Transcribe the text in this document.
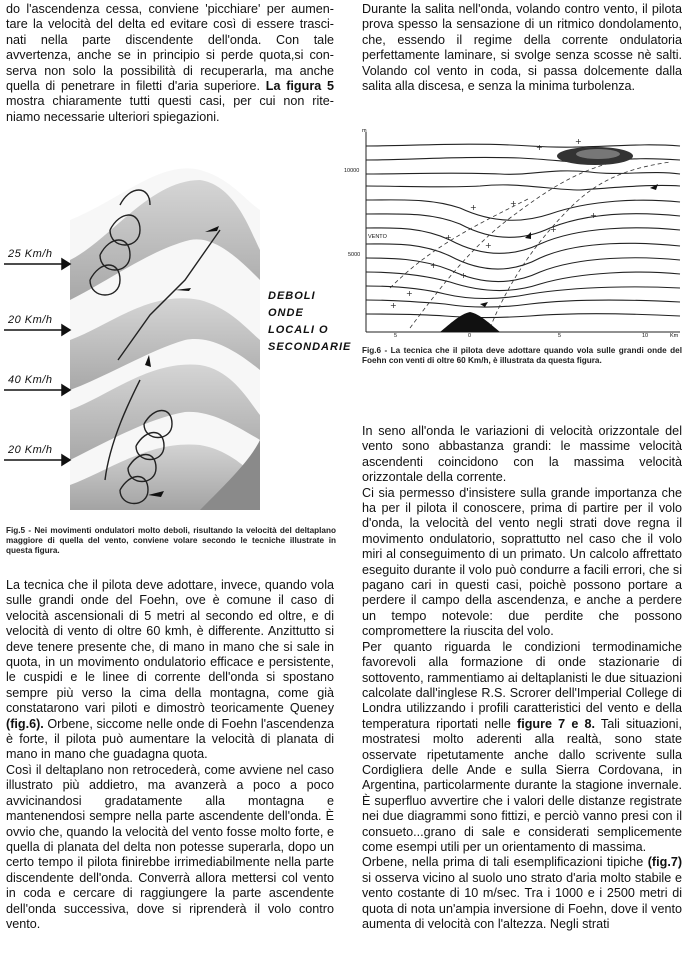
do l'ascendenza cessa, conviene 'picchiare' per aumen- tare la velocità del delta ed evitare così di essere trasci- nati nella parte discendente dell'onda. Con tale avvertenza, anche se in principio si perde quota,si con- serva non solo la possibilità di recuperarla, ma anche quella di penetrare in filetti d'aria superiore. La figura 5 mostra chiaramente tutti questi casi, per cui non rite- niamo necessarie ulteriori spiegazioni.

25 Km/h
20 Km/h
40 Km/h
20 Km/h
DEBOLI
ONDE
LOCALI O
SECONDARIE
Fig.5 - Nei movimenti ondulatori molto deboli, risultando la velocità del deltaplano maggiore di quella del vento, conviene volare secondo le tecniche illustrate in questa figura.

La tecnica che il pilota deve adottare, invece, quando vola sulle grandi onde del Foehn, ove è comune il caso di velocità ascensionali di 5 metri al secondo ed oltre, e di velocità di vento di oltre 60 kmh, è differente. Anzittutto si deve tenere presente che, di mano in mano che si sale in quota, in un movimento ondulatorio efficace e persistente, le cuspidi e le linee di corrente dell'onda si spostano sempre più verso la cima della montagna, come già constatarono vari piloti e dimostrò teoricamente Queney (fig.6). Orbene, siccome nelle onde di Foehn l'ascendenza è forte, il pilota può aumentare la velocità di planata di mano in mano che guadagna quota.

Così il deltaplano non retrocederà, come avviene nel caso illustrato più addietro, ma avanzerà a poco a poco avvicinandosi gradatamente alla montagna e mantenendosi sempre nella parte ascendente dell'onda. È ovvio che, quando la velocità del vento fosse molto forte, e quella di planata del delta non potesse superarla, dopo un certo tempo il pilota finirebbe irrimediabilmente nella parte discendente dell'onda. Converrà allora mettersi col vento in coda e cercare di raggiungere la parte ascendente dell'onda successiva, dove si riprenderà il volo contro vento.

Durante la salita nell'onda, volando contro vento, il pilota prova spesso la sensazione di un ritmico dondolamento, che, essendo il regime della corrente ondulatoria perfettamente laminare, si svolge senza scosse nè salti. Volando col vento in coda, si passa dolcemente dalla salita alla discesa, e senza la minima turbolenza.

+
+
+	+
+
+
+
+
+
+
+
+
m
10000
5000
VENTO
5	0	5	10	Km
Fig.6 - La tecnica che il pilota deve adottare quando vola sulle grandi onde del Foehn con venti di oltre 60 Km/h, è illustrata da questa figura.

In seno all'onda le variazioni di velocità orizzontale del vento sono abbastanza grandi: le massime velocità ascendenti coincidono con la massima velocità orizzontale della corrente.

Ci sia permesso d'insistere sulla grande importanza che ha per il pilota il conoscere, prima di partire per il volo d'onda, la velocità del vento negli strati dove regna il movimento ondulatorio, soprattutto nel caso che il volo miri al conseguimento di un primato. Un calcolo affrettato eseguito durante il volo può condurre a facili errori, che si pagano cari in questi casi, poichè possono portare a perdere il campo della ascendenza, e anche a perdere un tempo notevole: due perdite che possono compromettere la riuscita del volo.

Per quanto riguarda le condizioni termodinamiche favorevoli alla formazione di onde stazionarie di sottovento, rammentiamo ai deltaplanisti le due situazioni calcolate dall'inglese R.S. Scrorer dell'Imperial College di Londra utilizzando i profili caratteristici del vento e della temperatura riportati nelle figure 7 e 8. Tali situazioni, mostratesi molto aderenti alla realtà, sono state osservate ripetutamente anche dallo scrivente sulla Cordigliera delle Ande e sulla Sierra Cordovana, in Argentina, particolarmente durante la stagione invernale. È superfluo avvertire che i valori delle distanze registrate nei due diagrammi sono fittizi, e perciò vanno presi con il consueto...grano di sale e considerati semplicemente come esempi utili per un orientamento di massima.

Orbene, nella prima di tali esemplificazioni tipiche (fig.7) si osserva vicino al suolo uno strato d'aria molto stabile e vento costante di 10 m/sec. Tra i 1000 e i 2500 metri di quota di nota un'ampia inversione di Foehn, dove il vento aumenta di velocità con l'altezza. Negli strati
